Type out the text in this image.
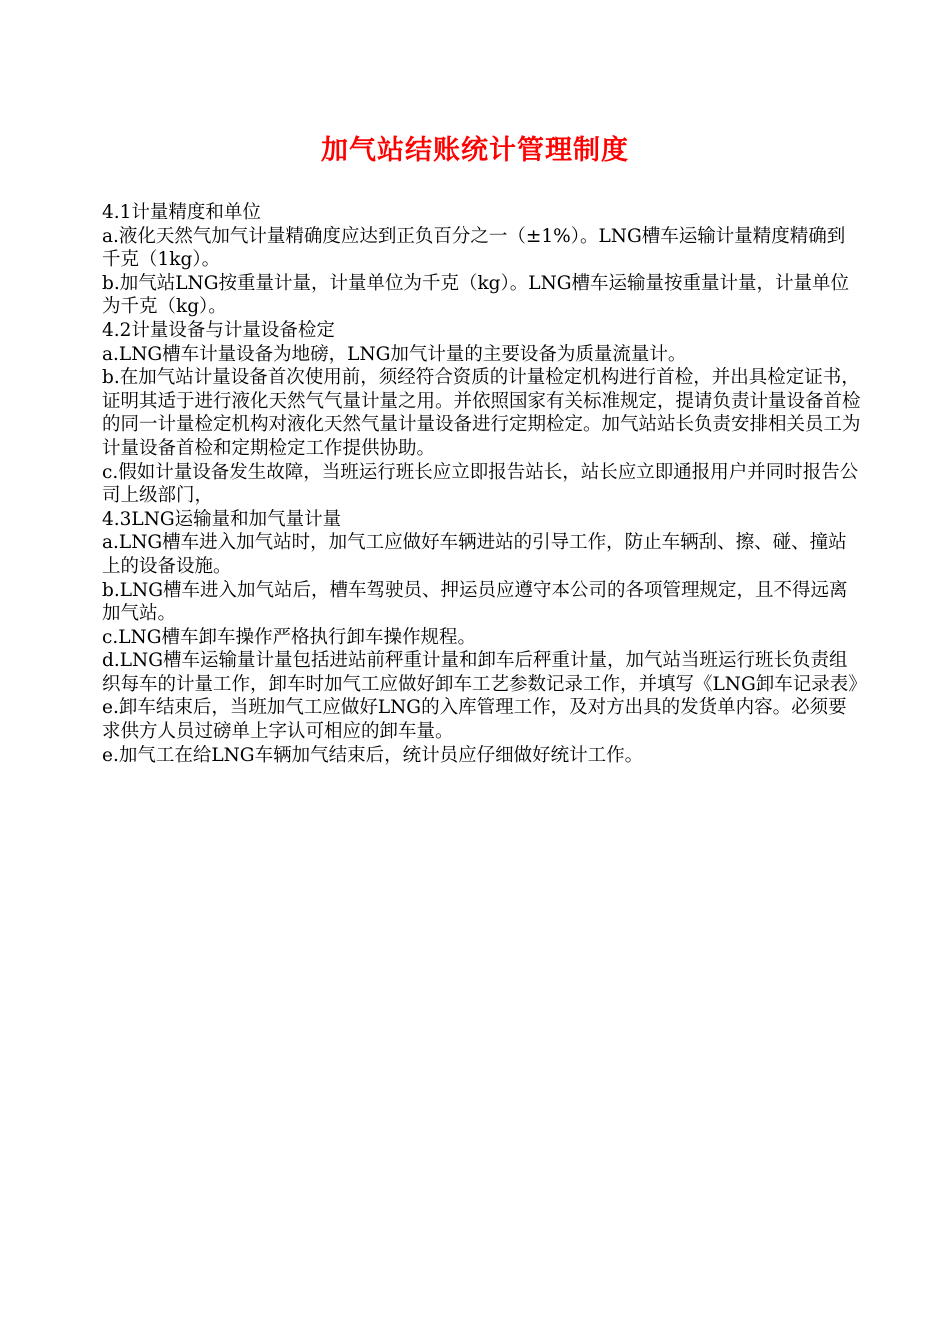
加气站结账统计管理制度

4.1计量精度和单位

a.液化天然气加气计量精确度应达到正负百分之一（±1%）。LNG槽车运输计量精度精确到千克（1kg）。

b.加气站LNG按重量计量，计量单位为千克（kg）。LNG槽车运输量按重量计量，计量单位为千克（kg）。

4.2计量设备与计量设备检定

a.LNG槽车计量设备为地磅，LNG加气计量的主要设备为质量流量计。

b.在加气站计量设备首次使用前，须经符合资质的计量检定机构进行首检，并出具检定证书，证明其适于进行液化天然气气量计量之用。并依照国家有关标准规定，提请负责计量设备首检的同一计量检定机构对液化天然气量计量设备进行定期检定。加气站站长负责安排相关员工为计量设备首检和定期检定工作提供协助。

c.假如计量设备发生故障，当班运行班长应立即报告站长，站长应立即通报用户并同时报告公司上级部门，

4.3LNG运输量和加气量计量

a.LNG槽车进入加气站时，加气工应做好车辆进站的引导工作，防止车辆刮、擦、碰、撞站上的设备设施。

b.LNG槽车进入加气站后，槽车驾驶员、押运员应遵守本公司的各项管理规定，且不得远离加气站。

c.LNG槽车卸车操作严格执行卸车操作规程。

d.LNG槽车运输量计量包括进站前秤重计量和卸车后秤重计量，加气站当班运行班长负责组织每车的计量工作，卸车时加气工应做好卸车工艺参数记录工作，并填写《LNG卸车记录表》

e.卸车结束后，当班加气工应做好LNG的入库管理工作，及对方出具的发货单内容。必须要求供方人员过磅单上字认可相应的卸车量。

e.加气工在给LNG车辆加气结束后，统计员应仔细做好统计工作。
